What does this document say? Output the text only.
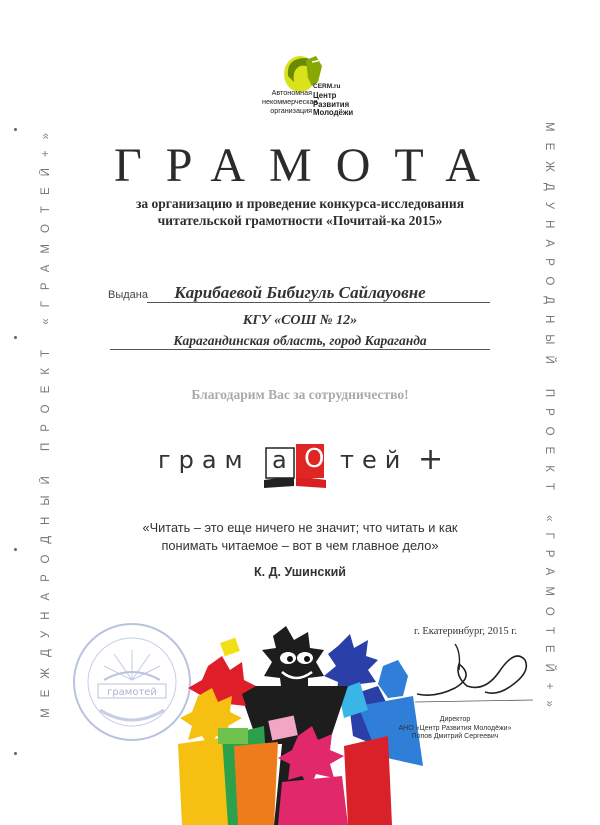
МЕЖДУНАРОДНЫЙ ПРОЕКТ «ГРАМОТЕЙ+»	МЕЖДУНАРОДНЫЙ ПРОЕКТ «ГРАМОТЕЙ+»
Автономная
некоммерческая
организация
CERM.ru
Центр
Развития
Молодёжи
ГРАМОТА
за организацию и проведение конкурса-исследования
читательской грамотности «Почитай-ка 2015»
Выдана	Карибаевой Бибигуль Сайлауовне
КГУ «СОШ № 12»
Карагандинская область, город Караганда
Благодарим Вас за сотрудничество!
грам а О тей +
«Читать – это еще ничего не значит; что читать и как
понимать читаемое – вот в чем главное дело»
К. Д. Ушинский
г. Екатеринбург, 2015 г.
грамотей
Директор
АНО «Центр Развития Молодёжи»
Попов Дмитрий Сергеевич
